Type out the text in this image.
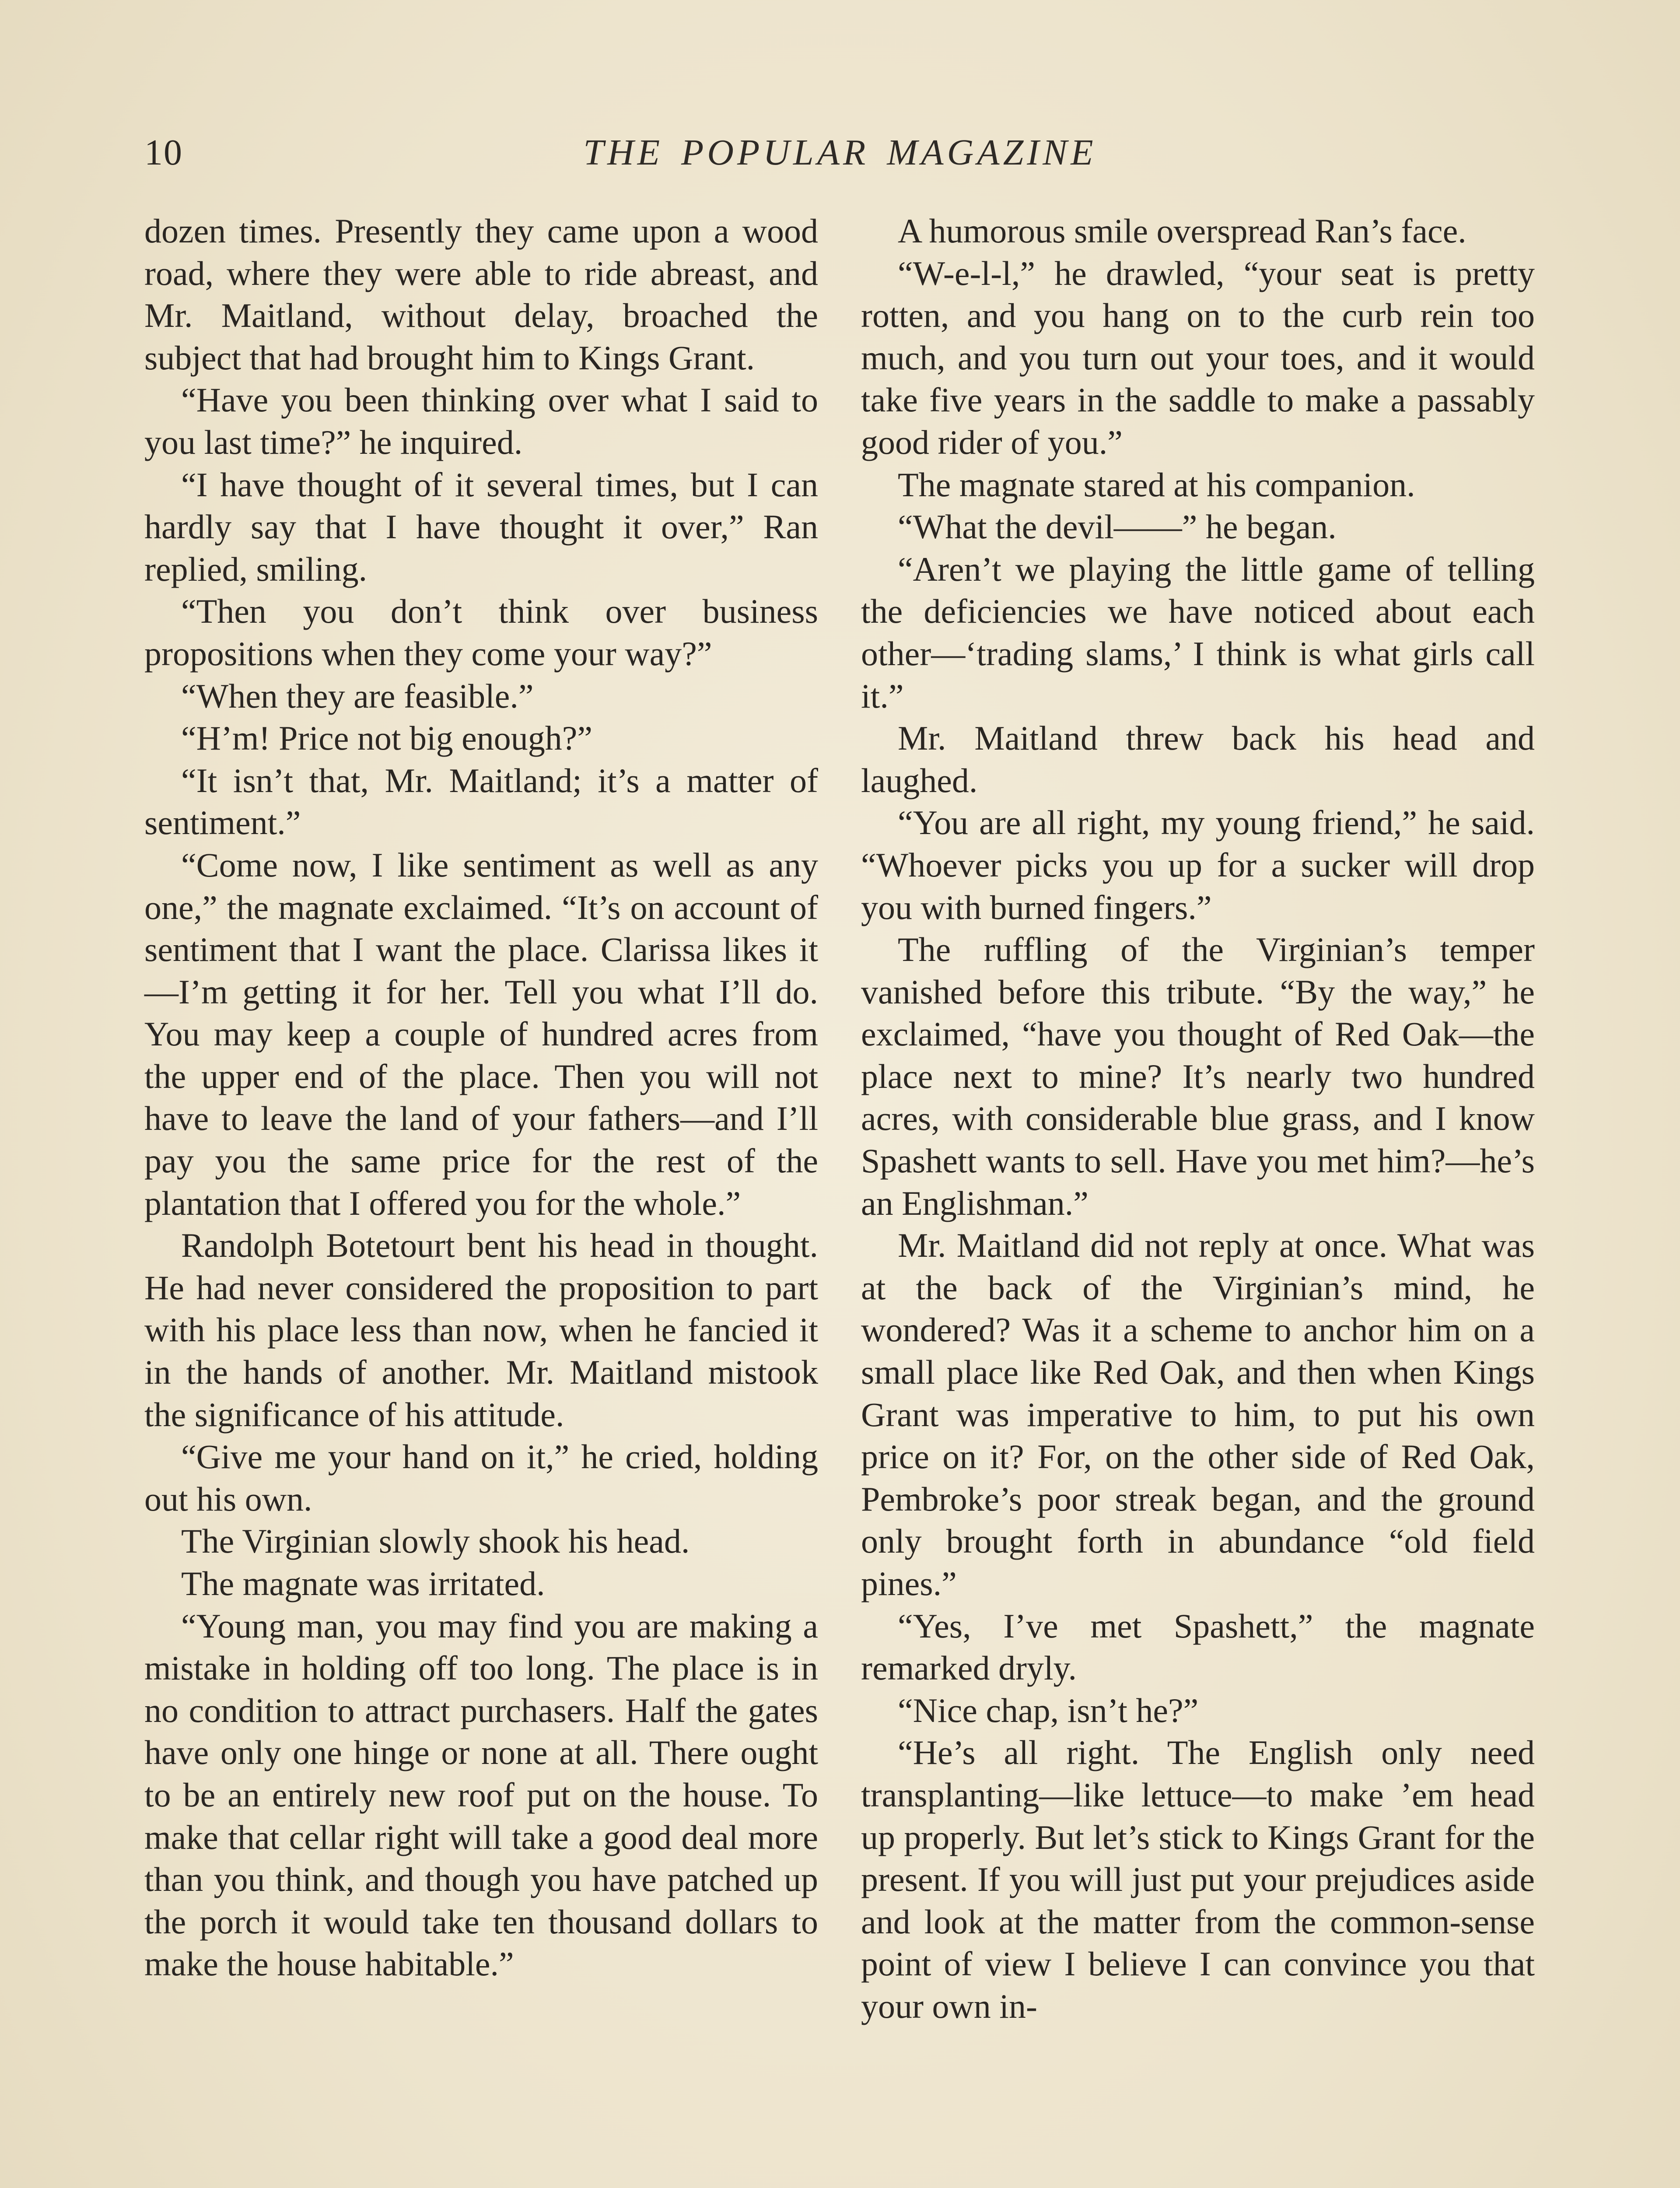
10	THE POPULAR MAGAZINE

dozen times. Presently they came upon a wood road, where they were able to ride abreast, and Mr. Maitland, without delay, broached the subject that had brought him to Kings Grant.

“Have you been thinking over what I said to you last time?” he inquired.

“I have thought of it several times, but I can hardly say that I have thought it over,” Ran replied, smiling.

“Then you don’t think over business propositions when they come your way?”

“When they are feasible.”

“H’m! Price not big enough?”

“It isn’t that, Mr. Maitland; it’s a matter of sentiment.”

“Come now, I like sentiment as well as any one,” the magnate exclaimed. “It’s on account of sentiment that I want the place. Clarissa likes it—I’m getting it for her. Tell you what I’ll do. You may keep a couple of hundred acres from the upper end of the place. Then you will not have to leave the land of your fathers—and I’ll pay you the same price for the rest of the plantation that I offered you for the whole.”

Randolph Botetourt bent his head in thought. He had never considered the proposition to part with his place less than now, when he fancied it in the hands of another. Mr. Maitland mistook the significance of his attitude.

“Give me your hand on it,” he cried, holding out his own.

The Virginian slowly shook his head.

The magnate was irritated.

“Young man, you may find you are making a mistake in holding off too long. The place is in no condition to attract purchasers. Half the gates have only one hinge or none at all. There ought to be an entirely new roof put on the house. To make that cellar right will take a good deal more than you think, and though you have patched up the porch it would take ten thousand dollars to make the house habitable.”

A humorous smile overspread Ran’s face.

“W-e-l-l,” he drawled, “your seat is pretty rotten, and you hang on to the curb rein too much, and you turn out your toes, and it would take five years in the saddle to make a passably good rider of you.”

The magnate stared at his companion.

“What the devil——” he began.

“Aren’t we playing the little game of telling the deficiencies we have noticed about each other—‘trading slams,’ I think is what girls call it.”

Mr. Maitland threw back his head and laughed.

“You are all right, my young friend,” he said. “Whoever picks you up for a sucker will drop you with burned fingers.”

The ruffling of the Virginian’s temper vanished before this tribute. “By the way,” he exclaimed, “have you thought of Red Oak—the place next to mine? It’s nearly two hundred acres, with considerable blue grass, and I know Spashett wants to sell. Have you met him?—he’s an Englishman.”

Mr. Maitland did not reply at once. What was at the back of the Virginian’s mind, he wondered? Was it a scheme to anchor him on a small place like Red Oak, and then when Kings Grant was imperative to him, to put his own price on it? For, on the other side of Red Oak, Pembroke’s poor streak began, and the ground only brought forth in abundance “old field pines.”

“Yes, I’ve met Spashett,” the magnate remarked dryly.

“Nice chap, isn’t he?”

“He’s all right. The English only need transplanting—like lettuce—to make ’em head up properly. But let’s stick to Kings Grant for the present. If you will just put your prejudices aside and look at the matter from the common-sense point of view I believe I can convince you that your own in-
